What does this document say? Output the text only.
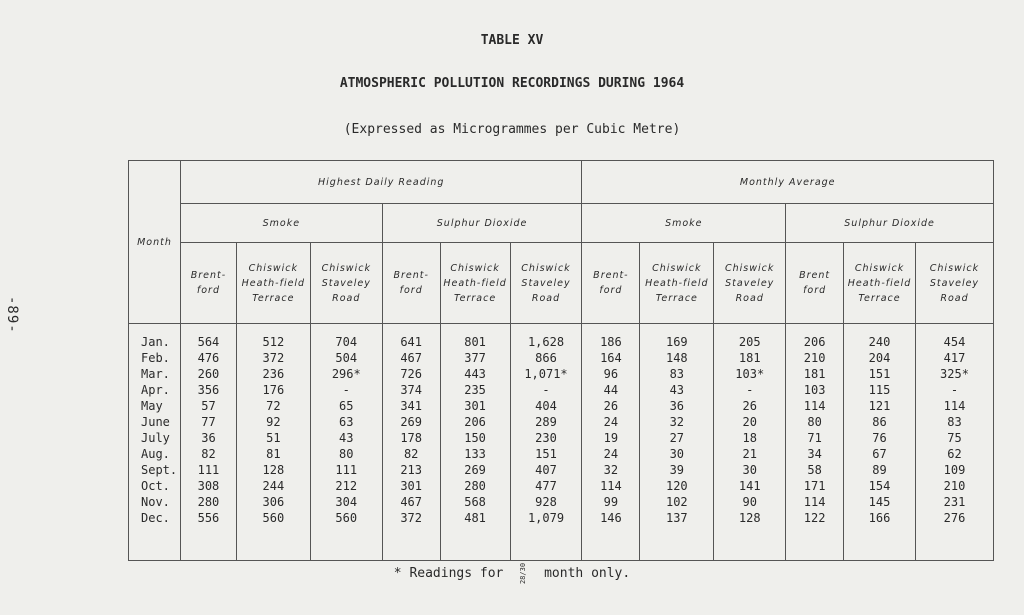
-89-
TABLE XV
ATMOSPHERIC POLLUTION RECORDINGS DURING 1964
(Expressed as Microgrammes per Cubic Metre)
Month	Highest Daily Reading						Monthly Average					
	Smoke			Sulphur Dioxide			Smoke			Sulphur Dioxide		
	Brent-ford	Chiswick Heath-field Terrace	Chiswick Staveley Road	Brent-ford	Chiswick Heath-field Terrace	Chiswick Staveley Road	Brent-ford	Chiswick Heath-field Terrace	Chiswick Staveley Road	Brent ford	Chiswick Heath-field Terrace	Chiswick Staveley Road
Jan.	564	512	704	641	801	1,628	186	169	205	206	240	454
Feb.	476	372	504	467	377	866	164	148	181	210	204	417
Mar.	260	236	296*	726	443	1,071*	96	83	103*	181	151	325*
Apr.	356	176	-	374	235	-	44	43	-	103	115	-
May	57	72	65	341	301	404	26	36	26	114	121	114
June	77	92	63	269	206	289	24	32	20	80	86	83
July	36	51	43	178	150	230	19	27	18	71	76	75
Aug.	82	81	80	82	133	151	24	30	21	34	67	62
Sept.	111	128	111	213	269	407	32	39	30	58	89	109
Oct.	308	244	212	301	280	477	114	120	141	171	154	210
Nov.	280	306	304	467	568	928	99	102	90	114	145	231
Dec.	556	560	560	372	481	1,079	146	137	128	122	166	276

* Readings for 28/30 month only.
